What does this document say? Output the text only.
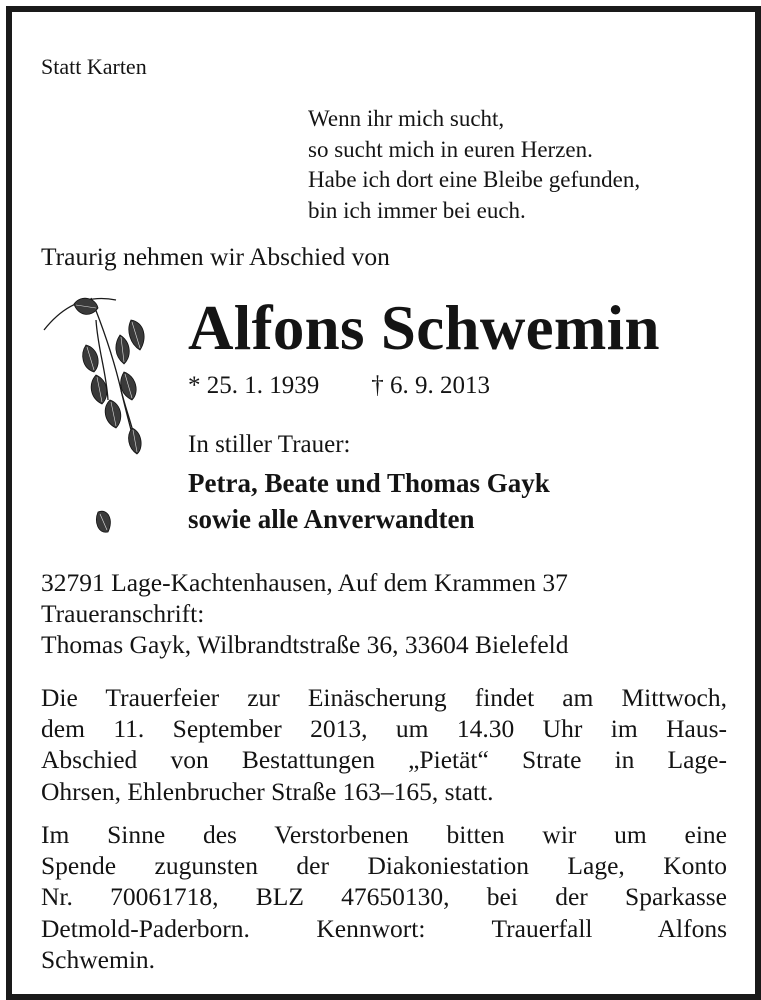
Statt Karten
Wenn ihr mich sucht,
so sucht mich in euren Herzen.
Habe ich dort eine Bleibe gefunden,
bin ich immer bei euch.
Traurig nehmen wir Abschied von
Alfons Schwemin
* 25. 1. 1939 † 6. 9. 2013
In stiller Trauer:
Petra, Beate und Thomas Gayk
sowie alle Anverwandten
32791 Lage-Kachtenhausen, Auf dem Krammen 37
Traueranschrift:
Thomas Gayk, Wilbrandtstraße 36, 33604 Bielefeld
Die Trauerfeier zur Einäscherung findet am Mittwoch,
dem 11. September 2013, um 14.30 Uhr im Haus-
Abschied von Bestattungen „Pietät“ Strate in Lage-
Ohrsen, Ehlenbrucher Straße 163–165, statt.
Im Sinne des Verstorbenen bitten wir um eine
Spende zugunsten der Diakoniestation Lage, Konto
Nr. 70061718, BLZ 47650130, bei der Sparkasse
Detmold-Paderborn. Kennwort: Trauerfall Alfons
Schwemin.
